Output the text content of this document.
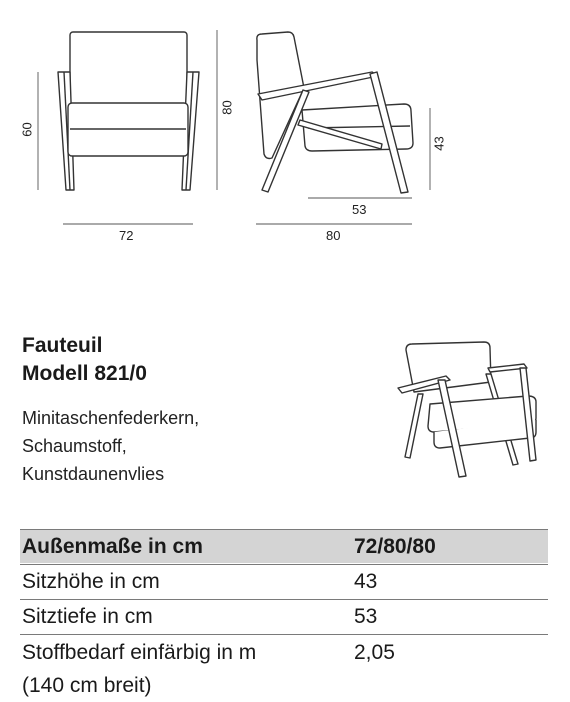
72
60
80
43
53
80
Fauteuil
Modell 821/0
Minitaschenfederkern,
Schaumstoff,
Kunstdaunenvlies
Außenmaße in cm	72/80/80
Sitzhöhe in cm	43
Sitztiefe in cm	53
Stoffbedarf einfärbig in m	2,05
(140 cm breit)
